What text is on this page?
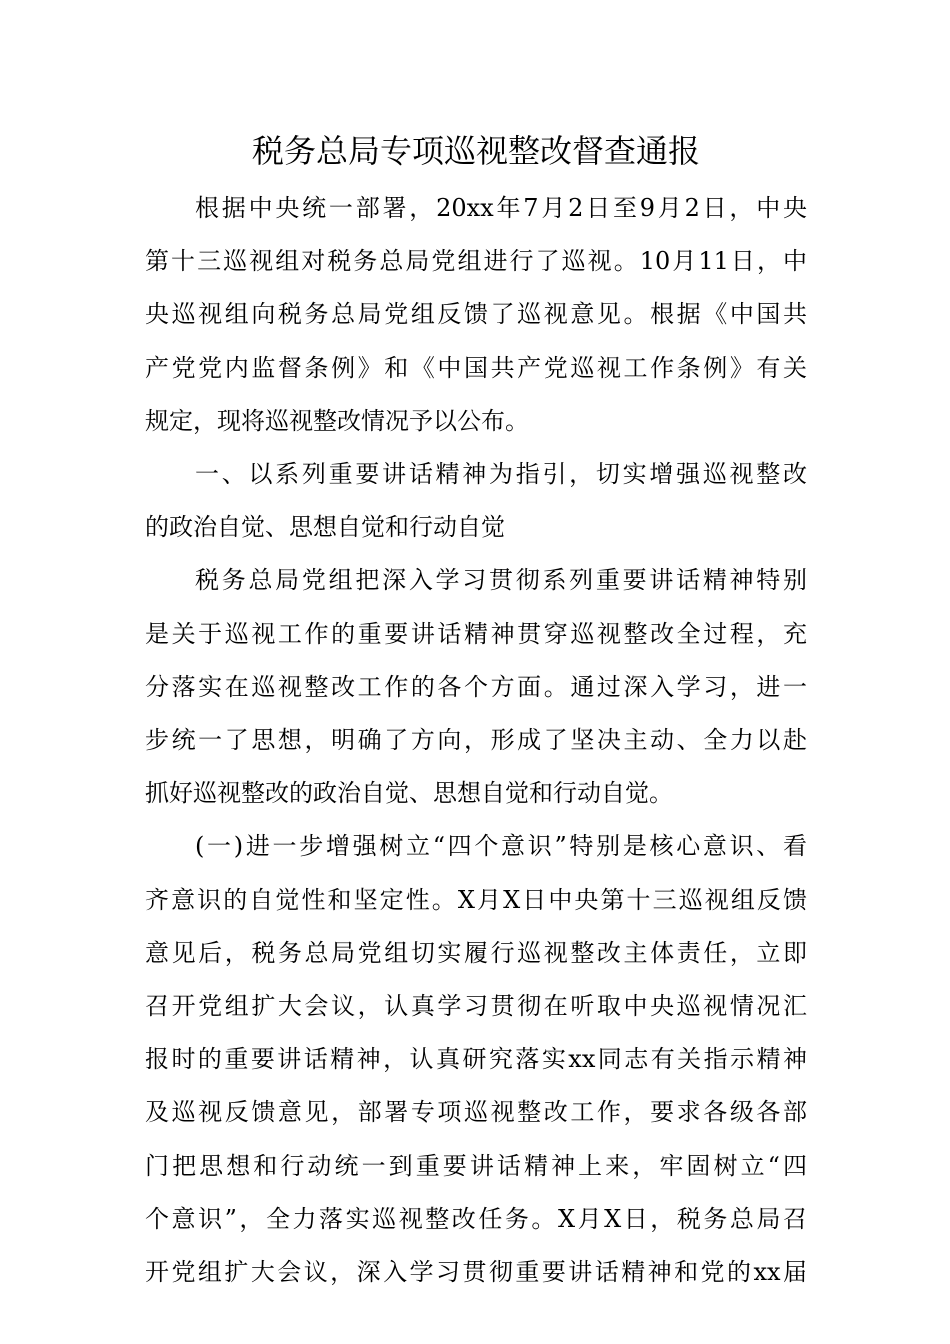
税务总局专项巡视整改督查通报
根据中央统一部署，20xx年7月2日至9月2日，中央
第十三巡视组对税务总局党组进行了巡视。10月11日，中
央巡视组向税务总局党组反馈了巡视意见。根据《中国共
产党党内监督条例》和《中国共产党巡视工作条例》有关
规定，现将巡视整改情况予以公布。
一、以系列重要讲话精神为指引，切实增强巡视整改
的政治自觉、思想自觉和行动自觉
税务总局党组把深入学习贯彻系列重要讲话精神特别
是关于巡视工作的重要讲话精神贯穿巡视整改全过程，充
分落实在巡视整改工作的各个方面。通过深入学习，进一
步统一了思想，明确了方向，形成了坚决主动、全力以赴
抓好巡视整改的政治自觉、思想自觉和行动自觉。
(一)进一步增强树立“四个意识”特别是核心意识、看
齐意识的自觉性和坚定性。X月X日中央第十三巡视组反馈
意见后，税务总局党组切实履行巡视整改主体责任，立即
召开党组扩大会议，认真学习贯彻在听取中央巡视情况汇
报时的重要讲话精神，认真研究落实xx同志有关指示精神
及巡视反馈意见，部署专项巡视整改工作，要求各级各部
门把思想和行动统一到重要讲话精神上来，牢固树立“四
个意识”，全力落实巡视整改任务。X月X日，税务总局召
开党组扩大会议，深入学习贯彻重要讲话精神和党的xx届
